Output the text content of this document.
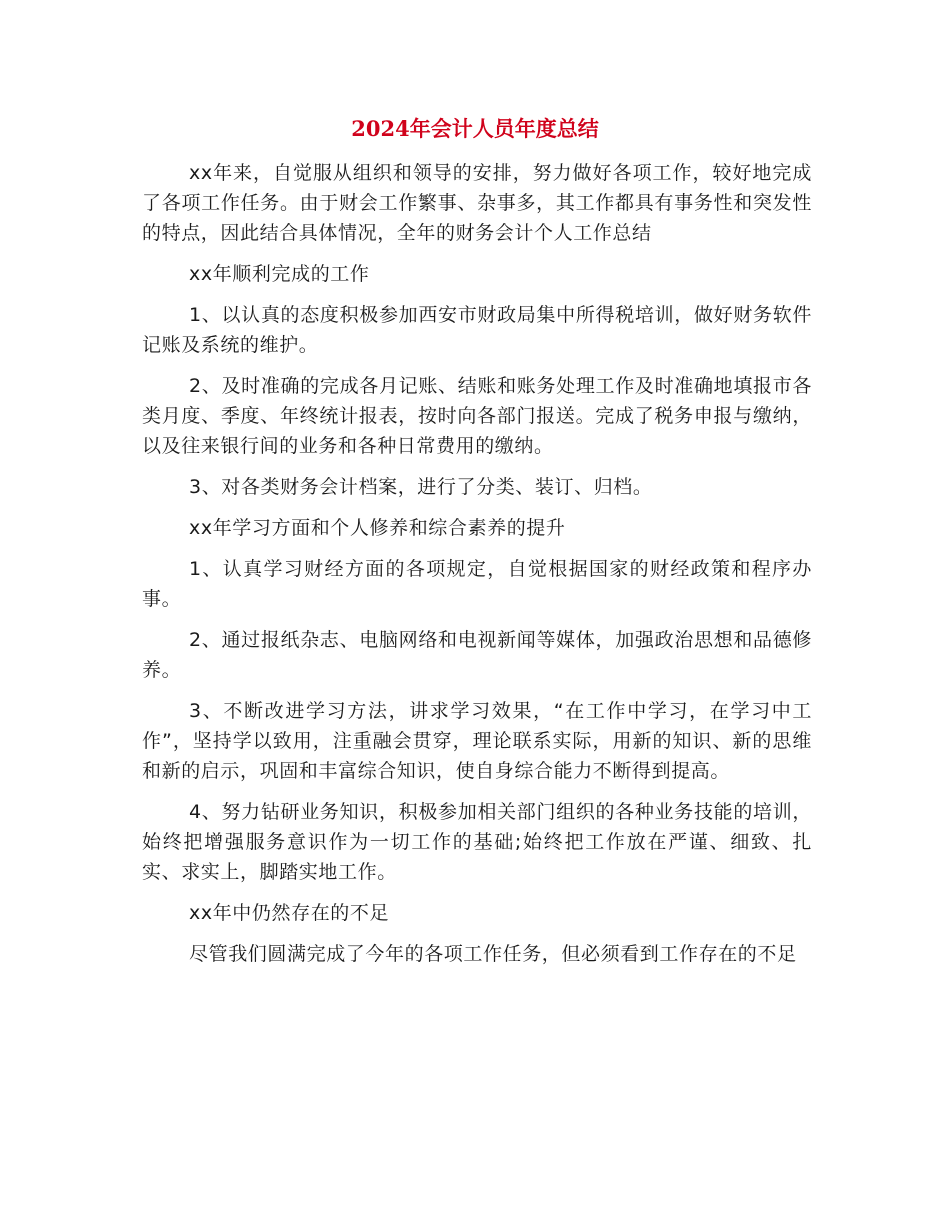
2024年会计人员年度总结

xx年来，自觉服从组织和领导的安排，努力做好各项工作，较好地完成了各项工作任务。由于财会工作繁事、杂事多，其工作都具有事务性和突发性的特点，因此结合具体情况，全年的财务会计个人工作总结

xx年顺利完成的工作

1、以认真的态度积极参加西安市财政局集中所得税培训，做好财务软件记账及系统的维护。

2、及时准确的完成各月记账、结账和账务处理工作及时准确地填报市各类月度、季度、年终统计报表，按时向各部门报送。完成了税务申报与缴纳，以及往来银行间的业务和各种日常费用的缴纳。

3、对各类财务会计档案，进行了分类、装订、归档。

xx年学习方面和个人修养和综合素养的提升

1、认真学习财经方面的各项规定，自觉根据国家的财经政策和程序办事。

2、通过报纸杂志、电脑网络和电视新闻等媒体，加强政治思想和品德修养。

3、不断改进学习方法，讲求学习效果，“在工作中学习，在学习中工作”，坚持学以致用，注重融会贯穿，理论联系实际，用新的知识、新的思维和新的启示，巩固和丰富综合知识，使自身综合能力不断得到提高。

4、努力钻研业务知识，积极参加相关部门组织的各种业务技能的培训，始终把增强服务意识作为一切工作的基础;始终把工作放在严谨、细致、扎实、求实上，脚踏实地工作。

xx年中仍然存在的不足

尽管我们圆满完成了今年的各项工作任务，但必须看到工作存在的不足
